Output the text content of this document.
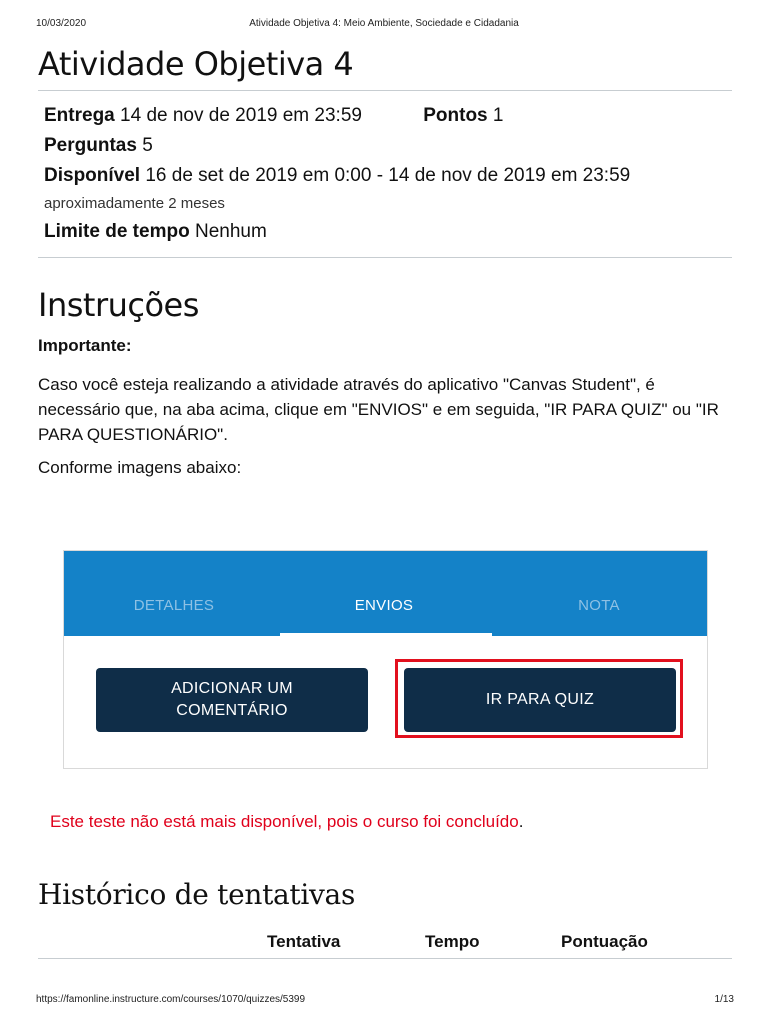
10/03/2020	Atividade Objetiva 4: Meio Ambiente, Sociedade e Cidadania
Atividade Objetiva 4
Entrega 14 de nov de 2019 em 23:59	Pontos 1
Perguntas 5
Disponível 16 de set de 2019 em 0:00 - 14 de nov de 2019 em 23:59
aproximadamente 2 meses
Limite de tempo Nenhum
Instruções

Importante:

Caso você esteja realizando a atividade através do aplicativo "Canvas Student", é necessário que, na aba acima, clique em "ENVIOS" e em seguida, "IR PARA QUIZ" ou "IR PARA QUESTIONÁRIO".

Conforme imagens abaixo:

DETALHES	ENVIOS	NOTA
ADICIONAR UM COMENTÁRIO
IR PARA QUIZ
Este teste não está mais disponível, pois o curso foi concluído.
Histórico de tentativas
Tentativa	Tempo	Pontuação
https://famonline.instructure.com/courses/1070/quizzes/5399	1/13
